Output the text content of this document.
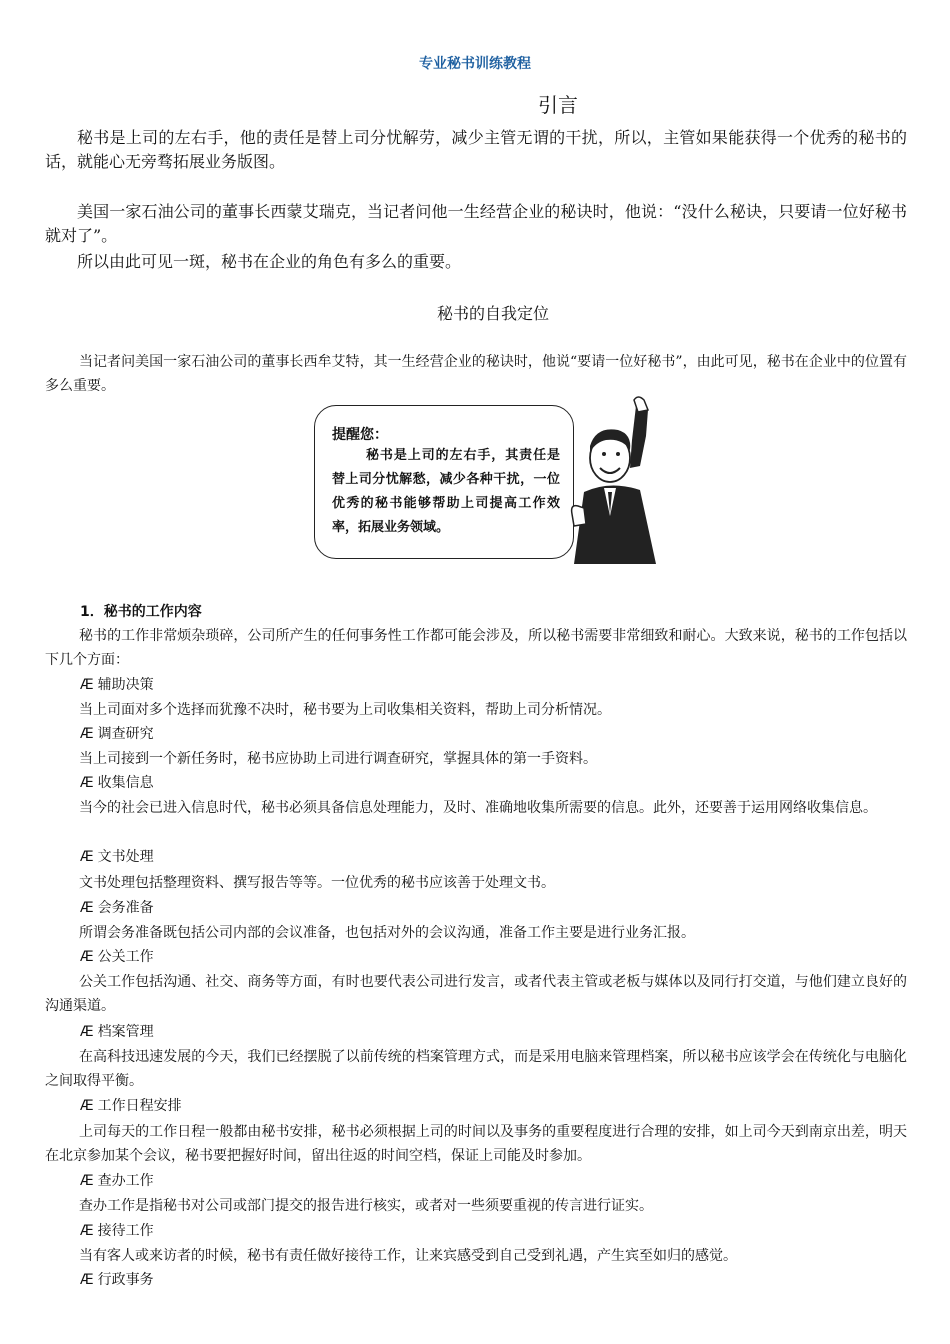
专业秘书训练教程
引言
秘书是上司的左右手，他的责任是替上司分忧解劳，减少主管无谓的干扰，所以，主管如果能获得一个优秀的秘书的话，就能心无旁骛拓展业务版图。
美国一家石油公司的董事长西蒙艾瑞克，当记者问他一生经营企业的秘诀时，他说：“没什么秘诀，只要请一位好秘书就对了”。
所以由此可见一斑，秘书在企业的角色有多么的重要。
秘书的自我定位
当记者问美国一家石油公司的董事长西牟艾特，其一生经营企业的秘诀时，他说“要请一位好秘书”，由此可见，秘书在企业中的位置有多么重要。
提醒您：
秘书是上司的左右手，其责任是替上司分忧解愁，减少各种干扰，一位优秀的秘书能够帮助上司提高工作效率，拓展业务领域。
1．秘书的工作内容
秘书的工作非常烦杂琐碎，公司所产生的任何事务性工作都可能会涉及，所以秘书需要非常细致和耐心。大致来说，秘书的工作包括以下几个方面：
Æ 辅助决策
当上司面对多个选择而犹豫不决时，秘书要为上司收集相关资料，帮助上司分析情况。
Æ 调查研究
当上司接到一个新任务时，秘书应协助上司进行调查研究，掌握具体的第一手资料。
Æ 收集信息
当今的社会已进入信息时代，秘书必须具备信息处理能力，及时、准确地收集所需要的信息。此外，还要善于运用网络收集信息。
Æ 文书处理
文书处理包括整理资料、撰写报告等等。一位优秀的秘书应该善于处理文书。
Æ 会务准备
所谓会务准备既包括公司内部的会议准备，也包括对外的会议沟通，准备工作主要是进行业务汇报。
Æ 公关工作
公关工作包括沟通、社交、商务等方面，有时也要代表公司进行发言，或者代表主管或老板与媒体以及同行打交道，与他们建立良好的沟通渠道。
Æ 档案管理
在高科技迅速发展的今天，我们已经摆脱了以前传统的档案管理方式，而是采用电脑来管理档案，所以秘书应该学会在传统化与电脑化之间取得平衡。
Æ 工作日程安排
上司每天的工作日程一般都由秘书安排，秘书必须根据上司的时间以及事务的重要程度进行合理的安排，如上司今天到南京出差，明天在北京参加某个会议，秘书要把握好时间，留出往返的时间空档，保证上司能及时参加。
Æ 查办工作
查办工作是指秘书对公司或部门提交的报告进行核实，或者对一些须要重视的传言进行证实。
Æ 接待工作
当有客人或来访者的时候，秘书有责任做好接待工作，让来宾感受到自己受到礼遇，产生宾至如归的感觉。
Æ 行政事务
